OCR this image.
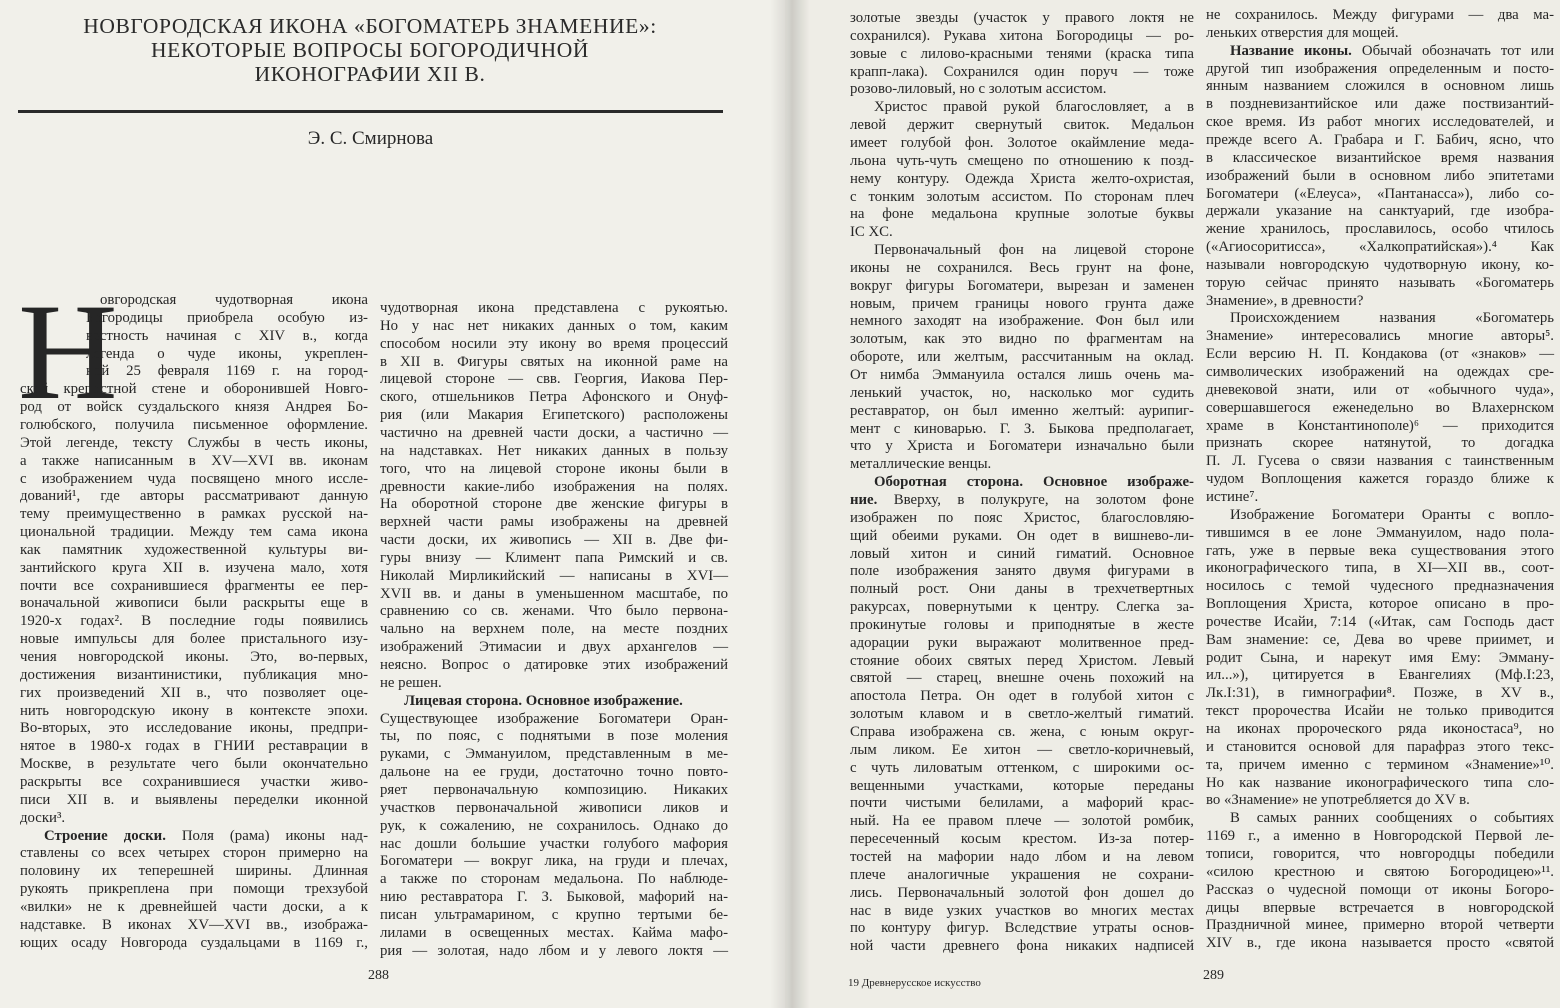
НОВГОРОДСКАЯ ИКОНА «БОГОМАТЕРЬ ЗНАМЕНИЕ»:
НЕКОТОРЫЕ ВОПРОСЫ БОГОРОДИЧНОЙ
ИКОНОГРАФИИ XII В.
Э. С. Смирнова
Н
288	19 Древнерусское искусство	289
овгородская чудотворная икона
Богородицы приобрела особую из-
вестность начиная с XIV в., когда
легенда о чуде иконы, укреплен-
ной 25 февраля 1169 г. на город-
ской крепостной стене и оборонившей Новго-
род от войск суздальского князя Андрея Бо-
голюбского, получила письменное оформление.
Этой легенде, тексту Службы в честь иконы,
а также написанным в XV—XVI вв. иконам
с изображением чуда посвящено много иссле-
дований¹, где авторы рассматривают данную
тему преимущественно в рамках русской на-
циональной традиции. Между тем сама икона
как памятник художественной культуры ви-
зантийского круга XII в. изучена мало, хотя
почти все сохранившиеся фрагменты ее пер-
воначальной живописи были раскрыты еще в
1920-х годах². В последние годы появились
новые импульсы для более пристального изу-
чения новгородской иконы. Это, во-первых,
достижения византинистики, публикация мно-
гих произведений XII в., что позволяет оце-
нить новгородскую икону в контексте эпохи.
Во-вторых, это исследование иконы, предпри-
нятое в 1980-х годах в ГНИИ реставрации в
Москве, в результате чего были окончательно
раскрыты все сохранившиеся участки живо-
писи XII в. и выявлены переделки иконной
доски³.
Строение доски. Поля (рама) иконы над-
ставлены со всех четырех сторон примерно на
половину их теперешней ширины. Длинная
рукоять прикреплена при помощи трехзубой
«вилки» не к древнейшей части доски, а к
надставке. В иконах XV—XVI вв., изобража-
ющих осаду Новгорода суздальцами в 1169 г.,
чудотворная икона представлена с рукоятью.
Но у нас нет никаких данных о том, каким
способом носили эту икону во время процессий
в XII в. Фигуры святых на иконной раме на
лицевой стороне — свв. Георгия, Иакова Пер-
ского, отшельников Петра Афонского и Онуф-
рия (или Макария Египетского) расположены
частично на древней части доски, а частично —
на надставках. Нет никаких данных в пользу
того, что на лицевой стороне иконы были в
древности какие-либо изображения на полях.
На оборотной стороне две женские фигуры в
верхней части рамы изображены на древней
части доски, их живопись — XII в. Две фи-
гуры внизу — Климент папа Римский и св.
Николай Мирликийский — написаны в XVI—
XVII вв. и даны в уменьшенном масштабе, по
сравнению со св. женами. Что было первона-
чально на верхнем поле, на месте поздних
изображений Этимасии и двух архангелов —
неясно. Вопрос о датировке этих изображений
не решен.
Лицевая сторона. Основное изображение.
Существующее изображение Богоматери Оран-
ты, по пояс, с поднятыми в позе моления
руками, с Эммануилом, представленным в ме-
дальоне на ее груди, достаточно точно повто-
ряет первоначальную композицию. Никаких
участков первоначальной живописи ликов и
рук, к сожалению, не сохранилось. Однако до
нас дошли большие участки голубого мафория
Богоматери — вокруг лика, на груди и плечах,
а также по сторонам медальона. По наблюде-
нию реставратора Г. З. Быковой, мафорий на-
писан ультрамарином, с крупно тертыми бе-
лилами в освещенных местах. Кайма мафо-
рия — золотая, надо лбом и у левого локтя —
золотые звезды (участок у правого локтя не
сохранился). Рукава хитона Богородицы — ро-
зовые с лилово-красными тенями (краска типа
крапп-лака). Сохранился один поруч — тоже
розово-лиловый, но с золотым ассистом.
Христос правой рукой благословляет, а в
левой держит свернутый свиток. Медальон
имеет голубой фон. Золотое окаймление меда-
льона чуть-чуть смещено по отношению к позд-
нему контуру. Одежда Христа желто-охристая,
с тонким золотым ассистом. По сторонам плеч
на фоне медальона крупные золотые буквы
IC XC.
Первоначальный фон на лицевой стороне
иконы не сохранился. Весь грунт на фоне,
вокруг фигуры Богоматери, вырезан и заменен
новым, причем границы нового грунта даже
немного заходят на изображение. Фон был или
золотым, как это видно по фрагментам на
обороте, или желтым, рассчитанным на оклад.
От нимба Эммануила остался лишь очень ма-
ленький участок, но, насколько мог судить
реставратор, он был именно желтый: аурипиг-
мент с киноварью. Г. З. Быкова предполагает,
что у Христа и Богоматери изначально были
металлические венцы.
Оборотная сторона. Основное изображе-
ние. Вверху, в полукруге, на золотом фоне
изображен по пояс Христос, благословляю-
щий обеими руками. Он одет в вишнево-ли-
ловый хитон и синий гиматий. Основное
поле изображения занято двумя фигурами в
полный рост. Они даны в трехчетвертных
ракурсах, повернутыми к центру. Слегка за-
прокинутые головы и приподнятые в жесте
адорации руки выражают молитвенное пред-
стояние обоих святых перед Христом. Левый
святой — старец, внешне очень похожий на
апостола Петра. Он одет в голубой хитон с
золотым клавом и в светло-желтый гиматий.
Справа изображена св. жена, с юным округ-
лым ликом. Ее хитон — светло-коричневый,
с чуть лиловатым оттенком, с широкими ос-
вещенными участками, которые переданы
почти чистыми белилами, а мафорий крас-
ный. На ее правом плече — золотой ромбик,
пересеченный косым крестом. Из-за потер-
тостей на мафории надо лбом и на левом
плече аналогичные украшения не сохрани-
лись. Первоначальный золотой фон дошел до
нас в виде узких участков во многих местах
по контуру фигур. Вследствие утраты основ-
ной части древнего фона никаких надписей
не сохранилось. Между фигурами — два ма-
леньких отверстия для мощей.
Название иконы. Обычай обозначать тот или
другой тип изображения определенным и посто-
янным названием сложился в основном лишь
в поздневизантийское или даже поствизантий-
ское время. Из работ многих исследователей, и
прежде всего А. Грабара и Г. Бабич, ясно, что
в классическое византийское время названия
изображений были в основном либо эпитетами
Богоматери («Елеуса», «Пантанасса»), либо со-
держали указание на санктуарий, где изобра-
жение хранилось, прославилось, особо чтилось
(«Агиосоритисса», «Халкопратийская»).⁴ Как
называли новгородскую чудотворную икону, ко-
торую сейчас принято называть «Богоматерь
Знамение», в древности?
Происхождением названия «Богоматерь
Знамение» интересовались многие авторы⁵.
Если версию Н. П. Кондакова (от «знаков» —
символических изображений на одеждах сре-
дневековой знати, или от «обычного чуда»,
совершавшегося еженедельно во Влахернском
храме в Константинополе)⁶ — приходится
признать скорее натянутой, то догадка
П. Л. Гусева о связи названия с таинственным
чудом Воплощения кажется гораздо ближе к
истине⁷.
Изображение Богоматери Оранты с вопло-
тившимся в ее лоне Эммануилом, надо пола-
гать, уже в первые века существования этого
иконографического типа, в XI—XII вв., соот-
носилось с темой чудесного предназначения
Воплощения Христа, которое описано в про-
рочестве Исайи, 7:14 («Итак, сам Господь даст
Вам знамение: се, Дева во чреве приимет, и
родит Сына, и нарекут имя Ему: Эмману-
ил...»), цитируется в Евангелиях (Мф.I:23,
Лк.I:31), в гимнографии⁸. Позже, в XV в.,
текст пророчества Исайи не только приводится
на иконах пророческого ряда иконостаса⁹, но
и становится основой для парафраз этого текс-
та, причем именно с термином «Знамение»¹⁰.
Но как название иконографического типа сло-
во «Знамение» не употребляется до XV в.
В самых ранних сообщениях о событиях
1169 г., а именно в Новгородской Первой ле-
тописи, говорится, что новгородцы победили
«силою крестною и святою Богородицею»¹¹.
Рассказ о чудесной помощи от иконы Богоро-
дицы впервые встречается в новгородской
Праздничной минее, примерно второй четверти
XIV в., где икона называется просто «святой
